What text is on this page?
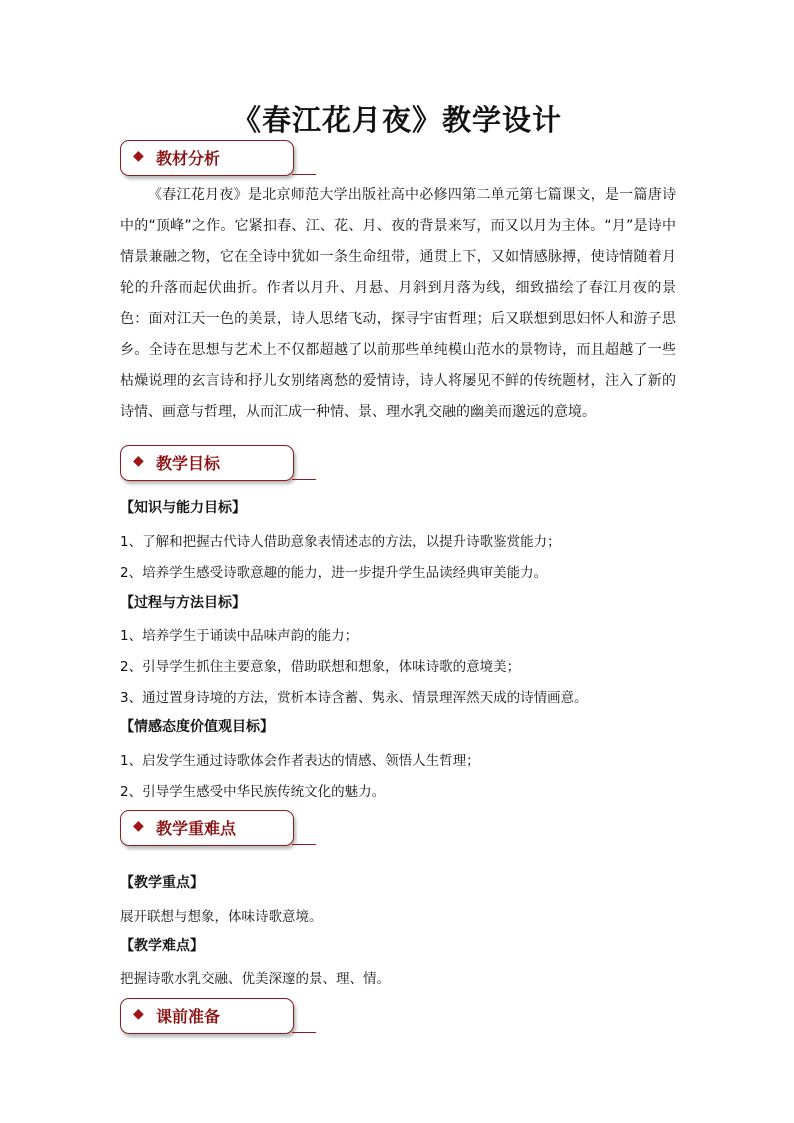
《春江花月夜》教学设计
◆ 教材分析
《春江花月夜》是北京师范大学出版社高中必修四第二单元第七篇课文，是一篇唐诗中的“顶峰”之作。它紧扣春、江、花、月、夜的背景来写，而又以月为主体。“月”是诗中情景兼融之物，它在全诗中犹如一条生命纽带，通贯上下，又如情感脉搏，使诗情随着月轮的升落而起伏曲折。作者以月升、月悬、月斜到月落为线，细致描绘了春江月夜的景色：面对江天一色的美景，诗人思绪飞动，探寻宇宙哲理；后又联想到思妇怀人和游子思乡。全诗在思想与艺术上不仅都超越了以前那些单纯模山范水的景物诗，而且超越了一些枯燥说理的玄言诗和抒儿女别绪离愁的爱情诗，诗人将屡见不鲜的传统题材，注入了新的诗情、画意与哲理，从而汇成一种情、景、理水乳交融的幽美而邈远的意境。
◆ 教学目标
【知识与能力目标】
1、了解和把握古代诗人借助意象表情述志的方法，以提升诗歌鉴赏能力；
2、培养学生感受诗歌意趣的能力，进一步提升学生品读经典审美能力。
【过程与方法目标】
1、培养学生于诵读中品味声韵的能力；
2、引导学生抓住主要意象，借助联想和想象，体味诗歌的意境美；
3、通过置身诗境的方法，赏析本诗含蓄、隽永、情景理浑然天成的诗情画意。
【情感态度价值观目标】
1、启发学生通过诗歌体会作者表达的情感、领悟人生哲理；
2、引导学生感受中华民族传统文化的魅力。
◆ 教学重难点
【教学重点】
展开联想与想象，体味诗歌意境。
【教学难点】
把握诗歌水乳交融、优美深邃的景、理、情。
◆ 课前准备
